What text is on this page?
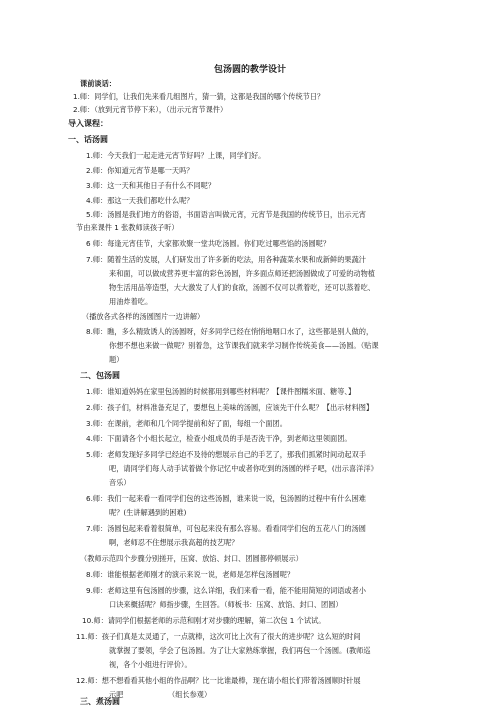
包汤圆的教学设计
课前谈话：
1.师：同学们，让我们先来看几组图片，猜一猜，这都是我国的哪个传统节日？
2.师：（放到元宵节停下来），（出示元宵节课件）
导入课程：
一、话汤圆
1.师：今天我们一起走进元宵节好吗？上课，同学们好。
2.师：你知道元宵节是哪一天吗？
3.师：这一天和其他日子有什么不同呢？
4.师：那这一天我们都吃什么呢？
5.师：汤圆是我们地方的俗语，书面语言叫做元宵，元宵节是我国的传统节日，出示元宵
节由来课件 1 张教师读孩子听）
6 师：每逢元宵佳节，大家都欢聚一堂共吃汤圆。你们吃过哪些馅的汤圆呢？
7.师：随着生活的发展，人们研发出了许多新的吃法，用各种蔬菜水果和成新鲜的果蔬汁
来和面，可以做成营养更丰富的彩色汤圆，许多面点师还把汤圆做成了可爱的动物植
物生活用品等造型，大大激发了人们的食欲，汤圆不仅可以煮着吃，还可以蒸着吃、
用油炸着吃。
（播放各式各样的汤圆图片一边讲解）
8.师：瞧，多么精致诱人的汤圆呀，好多同学已经在悄悄地咽口水了，这些都是别人做的，
你想不想也来做一做呢？别着急，这节课我们就来学习制作传统美食——汤圆。（贴课
题）
二、包汤圆
1.师：谁知道妈妈在家里包汤圆的时候都用到哪些材料呢？【课件图糯米面、糖等、】
2.师：孩子们，材料准备充足了，要想包上美味的汤圆，应该先干什么呢？【出示材料图】
3.师：在课前，老师和几个同学提前和好了面，每组一个面团。
4.师：下面请各个小组长起立，检查小组成员的手是否洗干净，到老师这里领面团。
5.师：老师发现好多同学已经迫不及待的想展示自己的手艺了，那我们抓紧时间动起双手
吧，请同学们每人动手试着做个你记忆中或者你吃到的汤圆的样子吧，(出示喜洋洋》
音乐）
6.师：我们一起来看一看同学们包的这些汤圆，谁来说一说，包汤圆的过程中有什么困难
呢？(生讲解遇到的困难)
7.师：汤圆包起来看着很简单，可包起来没有那么容易。看看同学们包的五花八门的汤圆
啊，老师忍不住想展示我高超的技艺呢？
（教师示范四个步骤分别搓开，压窝、放馅、封口、团圆都停顿展示）
8.师：谁能根据老师刚才的演示来说一说，老师是怎样包汤圆呢？
9.师：老师这里有包汤圆的步骤，这么详细，我们来看一看，能不能用简短的词语或者小
口诀来概括呢？师指步骤，生回答。（师板书：压窝、放馅、封口、团圆）
10.师：请同学们根据老师的示范和刚才对步骤的理解，第二次包 1 个试试。
11.师：孩子们真是太灵通了，一点就棒，这次可比上次有了很大的进步呢？这么短的时间
就掌握了要领，学会了包汤圆。为了让大家熟练掌握，我们再包一个汤圆。(教师巡
视，各个小组进行评价）。
12.师：想不想看看其他小组的作品啊？比一比谁最棒，现在请小组长们带着汤圆顺时针展
示吧	（组长参观）
三、煮汤圆
